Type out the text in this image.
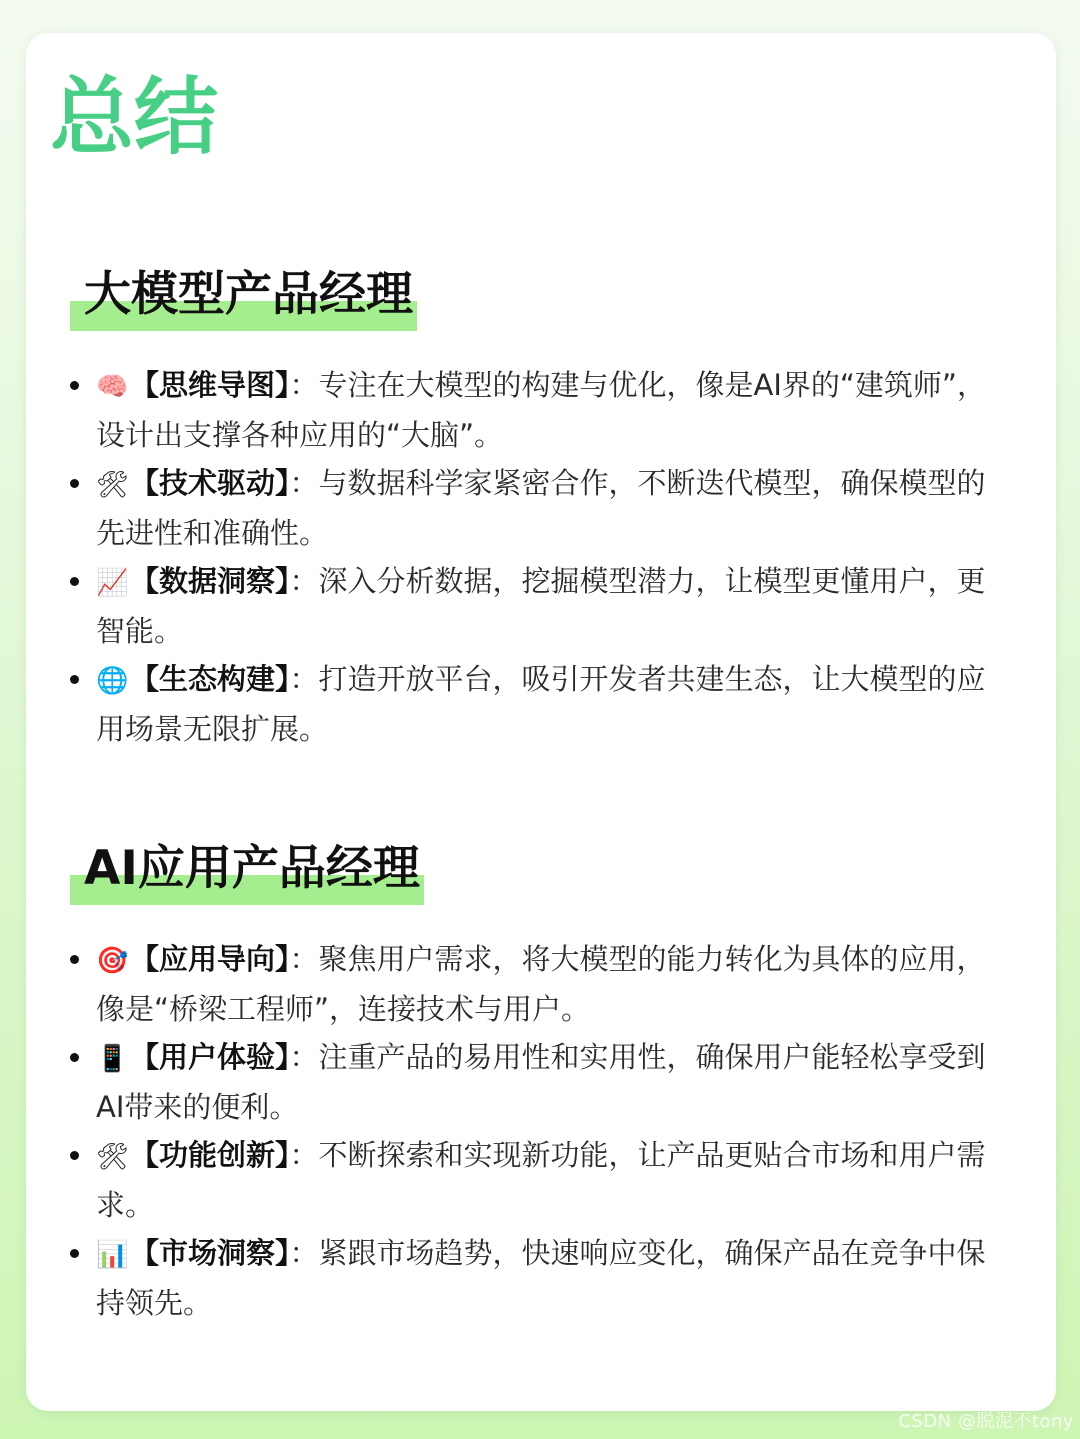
总结
大模型产品经理
🧠【思维导图】：专注在大模型的构建与优化，像是AI界的“建筑师”，设计出支撑各种应用的“大脑”。
🛠【技术驱动】：与数据科学家紧密合作，不断迭代模型，确保模型的先进性和准确性。
📈【数据洞察】：深入分析数据，挖掘模型潜力，让模型更懂用户，更智能。
🌐【生态构建】：打造开放平台，吸引开发者共建生态，让大模型的应用场景无限扩展。
AI应用产品经理
🎯【应用导向】：聚焦用户需求，将大模型的能力转化为具体的应用，像是“桥梁工程师”，连接技术与用户。
📱【用户体验】：注重产品的易用性和实用性，确保用户能轻松享受到AI带来的便利。
🛠【功能创新】：不断探索和实现新功能，让产品更贴合市场和用户需求。
📊【市场洞察】：紧跟市场趋势，快速响应变化，确保产品在竞争中保持领先。
CSDN @脱泥不tony
